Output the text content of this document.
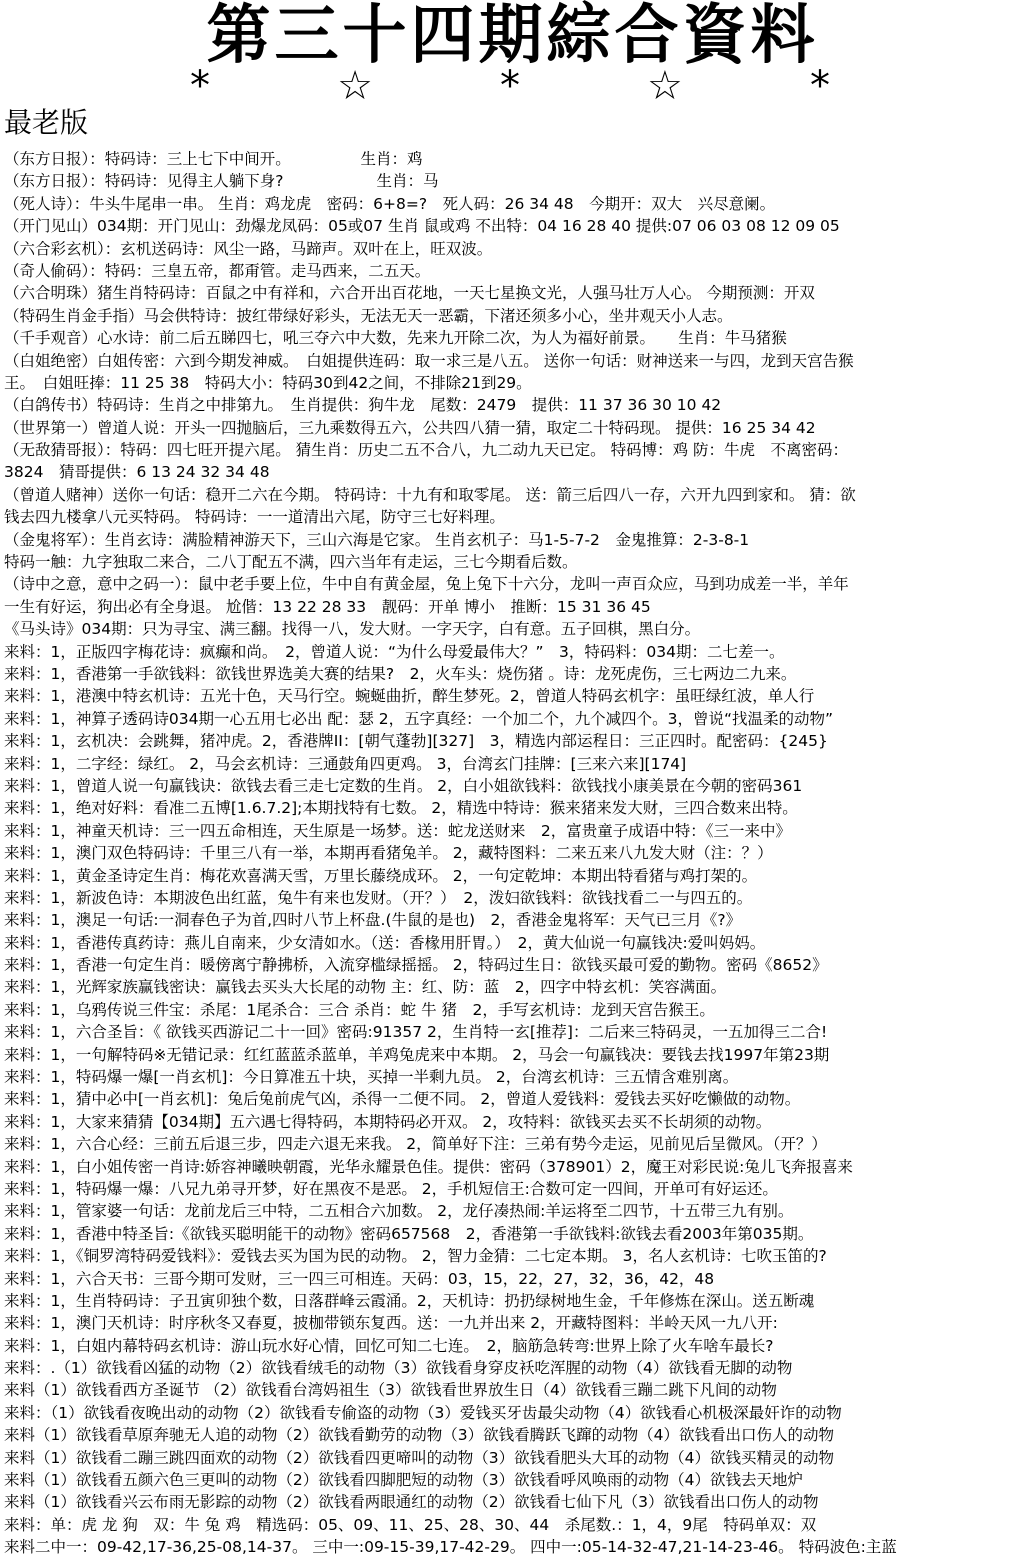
第三十四期綜合資料
*	☆	*	☆	*
最老版
（东方日报）：特码诗：三上七下中间开。　　　　　生肖：鸡
（东方日报）：特码诗：见得主人躺下身?　　　　　　生肖：马
（死人诗）：牛头牛尾串一串。 生肖：鸡龙虎　密码：6+8=?　死人码：26 34 48　今期开：双大　兴尽意阑。
（开门见山）034期：开门见山：劲爆龙凤码：05或07 生肖 鼠或鸡 不出特：04 16 28 40 提供:07 06 03 08 12 09 05
（六合彩玄机）：玄机送码诗：风尘一路，马蹄声。双叶在上，旺双波。
（奇人偷码）：特码：三皇五帝，都甭管。走马西来，二五天。
（六合明珠）猪生肖特码诗：百鼠之中有祥和，六合开出百花地，一天七星换文光，人强马壮万人心。 今期预测：开双
（特码生肖金手指）马会供特诗：披红带绿好彩头，无法无天一恶霸，下渚还须多小心，坐井观天小人志。
（千手观音）心水诗：前二后五睇四七，吼三夺六中大数，先来九开除二次，为人为福好前景。　　生肖：牛马猪猴
（白姐绝密）白姐传密：六到今期发神威。　白姐提供连码：取一求三是八五。 送你一句话：财神送来一与四，龙到天宫告猴
王。　白姐旺捧：11 25 38　特码大小：特码30到42之间，不排除21到29。
（白鸽传书）特码诗：生肖之中排第九。　生肖提供：狗牛龙　尾数：2479　提供：11 37 36 30 10 42
（世界第一）曾道人说：开头一四抛脑后，三九乘数得五六，公共四八猜一猜，取定二十特码现。 提供：16 25 34 42
（无敌猜哥报）：特码：四七旺开提六尾。 猜生肖：历史二五不合八，九二动九天已定。 特码博：鸡 防：牛虎　不离密码：
3824　猜哥提供：6 13 24 32 34 48
（曾道人赌神）送你一句话：稳开二六在今期。 特码诗：十九有和取零尾。 送：箭三后四八一存，六开九四到家和。 猜：欲
钱去四九楼拿八元买特码。 特码诗：一一道清出六尾，防守三七好料理。
（金鬼将军）：生肖玄诗：满脸精神游天下，三山六海是它家。 生肖玄机子：马1-5-7-2　金鬼推算：2-3-8-1
特码一触：九字独取二来合，二八丁配五不满，四六当年有走运，三七今期看后数。
（诗中之意，意中之码一）：鼠中老手要上位，牛中自有黄金屋，兔上兔下十六分，龙叫一声百众应，马到功成差一半，羊年
一生有好运，狗出必有全身退。 尬偕：13 22 28 33　靓码：开单 博小　推断：15 31 36 45
《马头诗》034期：只为寻宝、满三翻。找得一八，发大财。一字天字，白有意。五子回棋，黑白分。
来料：1，正版四字梅花诗：疯癫和尚。　2，曾道人说：“为什么母爱最伟大？”　3，特码料：034期：二七差一。
来料：1，香港第一手欲钱料：欲钱世界选美大赛的结果?　2，火车头：烧伤猪 。诗：龙死虎伤，三七两边二九来。
来料：1，港澳中特玄机诗：五光十色，天马行空。蜿蜒曲折，醉生梦死。2，曾道人特码玄机字：虽旺绿红波，单人行
来料：1，神算子透码诗034期一心五用七必出 配：瑟 2，五字真经：一个加二个，九个减四个。3，曾说“找温柔的动物”
来料：1，玄机决：会跳舞，猪冲虎。2，香港牌II：[朝气蓬勃][327]　3，精选内部运程日：三正四时。配密码：{245}
来料：1，二字经：绿红。 2，马会玄机诗：三通鼓角四更鸡。 3，台湾玄门挂牌：[三来六来][174]
来料：1，曾道人说一句赢钱诀：欲钱去看三走七定数的生肖。 2，白小姐欲钱料：欲钱找小康美景在今朝的密码361
来料：1，绝对好料：看准二五博[1.6.7.2];本期找特有七数。 2，精选中特诗：猴来猪来发大财，三四合数来出特。
来料：1，神童天机诗：三一四五命相连，天生原是一场梦。送：蛇龙送财来　2，富贵童子成语中特：《三一来中》
来料：1，澳门双色特码诗：千里三八有一举，本期再看猪兔羊。 2，藏特图料：二来五来八九发大财（注：？）
来料：1，黄金圣诗定生肖：梅花欢喜满天雪，万里长藤绕成环。 2，一句定乾坤：本期出特看猪与鸡打架的。
来料：1，新波色诗：本期波色出红蓝，兔牛有来也发财。（开？）　2，泼妇欲钱料：欲钱找看二一与四五的。
来料：1，澳足一句话:一洞春色子为首,四时八节上杯盘.(牛鼠的是也)　2，香港金鬼将军：天气已三月《?》
来料：1，香港传真药诗：燕儿自南来，少女清如水。（送：香椽用肝胃。）　2，黄大仙说一句赢钱决:爱叫妈妈。
来料：1，香港一句定生肖：暖傍离宁静拂桥，入流穿槛绿摇摇。 2，特码过生日：欲钱买最可爱的勤物。密码《8652》
来料：1，光辉家族赢钱密诀：赢钱去买头大长尾的动物 主：红、防：蓝　2，四字中特玄机：笑容满面。
来料：1，乌鸦传说三件宝：杀尾：1尾杀合：三合 杀肖：蛇 牛 猪　2，手写玄机诗：龙到天宫告猴王。
来料：1，六合圣旨：《 欲钱买西游记二十一回》密码:91357 2，生肖特一玄[推荐]：二后来三特码灵，一五加得三二合!
来料：1，一句解特码※无错记录：红红蓝蓝杀蓝单，羊鸡兔虎来中本期。 2，马会一句赢钱决：要钱去找1997年第23期
来料：1，特码爆一爆[一肖玄机]：今日算准五十块，买掉一半剩九员。 2，台湾玄机诗：三五情含难别离。
来料：1，猜中必中[一肖玄机]：兔后兔前虎气凶，杀得一二便不同。 2，曾道人爱钱料：爱钱去买好吃懒做的动物。
来料：1，大家来猜猜【034期】五六遇七得特码，本期特码必开双。 2，攻特料：欲钱买去买不长胡须的动物。
来料：1，六合心经：三前五后退三步，四走六退无来我。 2，简单好下注：三弟有势今走运，见前见后呈微风。（开？）
来料：1，白小姐传密一肖诗:娇容神曦映朝霞，光华永耀景色佳。提供：密码（378901）2，魔王对彩民说:兔儿飞奔报喜来
来料：1，特码爆一爆：八兄九弟寻开梦，好在黑夜不是恶。 2，手机短信王:合数可定一四间，开单可有好运还。
来料：1，管家婆一句话：龙前龙后三中特，二五相合六加数。 2，龙仔凑热闹:羊运将至二四节，十五带三九有别。
来料：1，香港中特圣旨:《欲钱买聪明能干的动物》密码657568　2，香港第一手欲钱料:欲钱去看2003年第035期。
来料：1，《铜罗湾特码爱钱料》：爱钱去买为国为民的动物。 2，智力金猜：二七定本期。 3，名人玄机诗：七吹玉笛的?
来料：1，六合天书：三哥今期可发财，三一四三可相连。天码：03，15，22，27，32，36，42，48
来料：1，生肖特码诗：子丑寅卯独个数，日落群峰云霞涌。2，天机诗：扔扔绿树地生金，千年修炼在深山。送五断魂
来料：1，澳门天机诗：时序秋冬又春夏，披枷带锁东复西。送：一九并出来 2，开藏特图料：半岭天风一九八开:
来料：1，白姐内幕特码玄机诗：游山玩水好心情，回忆可知二七连。　2，脑筋急转弯:世界上除了火车啥车最长?
来料：.（1）欲钱看凶猛的动物（2）欲钱看绒毛的动物（3）欲钱看身穿皮袄吃浑腥的动物（4）欲钱看无脚的动物
来料（1）欲钱看西方圣诞节 （2）欲钱看台湾妈祖生（3）欲钱看世界放生日（4）欲钱看三蹦二跳下凡间的动物
来料：（1）欲钱看夜晚出动的动物（2）欲钱看专偷盗的动物（3）爱钱买牙齿最尖动物（4）欲钱看心机极深最奸诈的动物
来料（1）欲钱看草原奔驰无人追的动物（2）欲钱看勤劳的动物（3）欲钱看腾跃飞蹿的动物（4）欲钱看出口伤人的动物
来料（1）欲钱看二蹦三跳四面欢的动物（2）欲钱看四更啼叫的动物（3）欲钱看肥头大耳的动物（4）欲钱买精灵的动物
来料（1）欲钱看五颜六色三更叫的动物（2）欲钱看四脚肥短的动物（3）欲钱看呼风唤雨的动物（4）欲钱去天地炉
来料（1）欲钱看兴云布雨无影踪的动物（2）欲钱看两眼通红的动物（2）欲钱看七仙下凡（3）欲钱看出口伤人的动物
来料：单：虎 龙 狗　双：牛 兔 鸡　精选码：05、09、11、25、28、30、44　杀尾数.：1，4，9尾　特码单双：双
来料二中一：09-42,17-36,25-08,14-37。 三中一:09-15-39,17-42-29。 四中一:05-14-32-47,21-14-23-46。 特码波色:主蓝
